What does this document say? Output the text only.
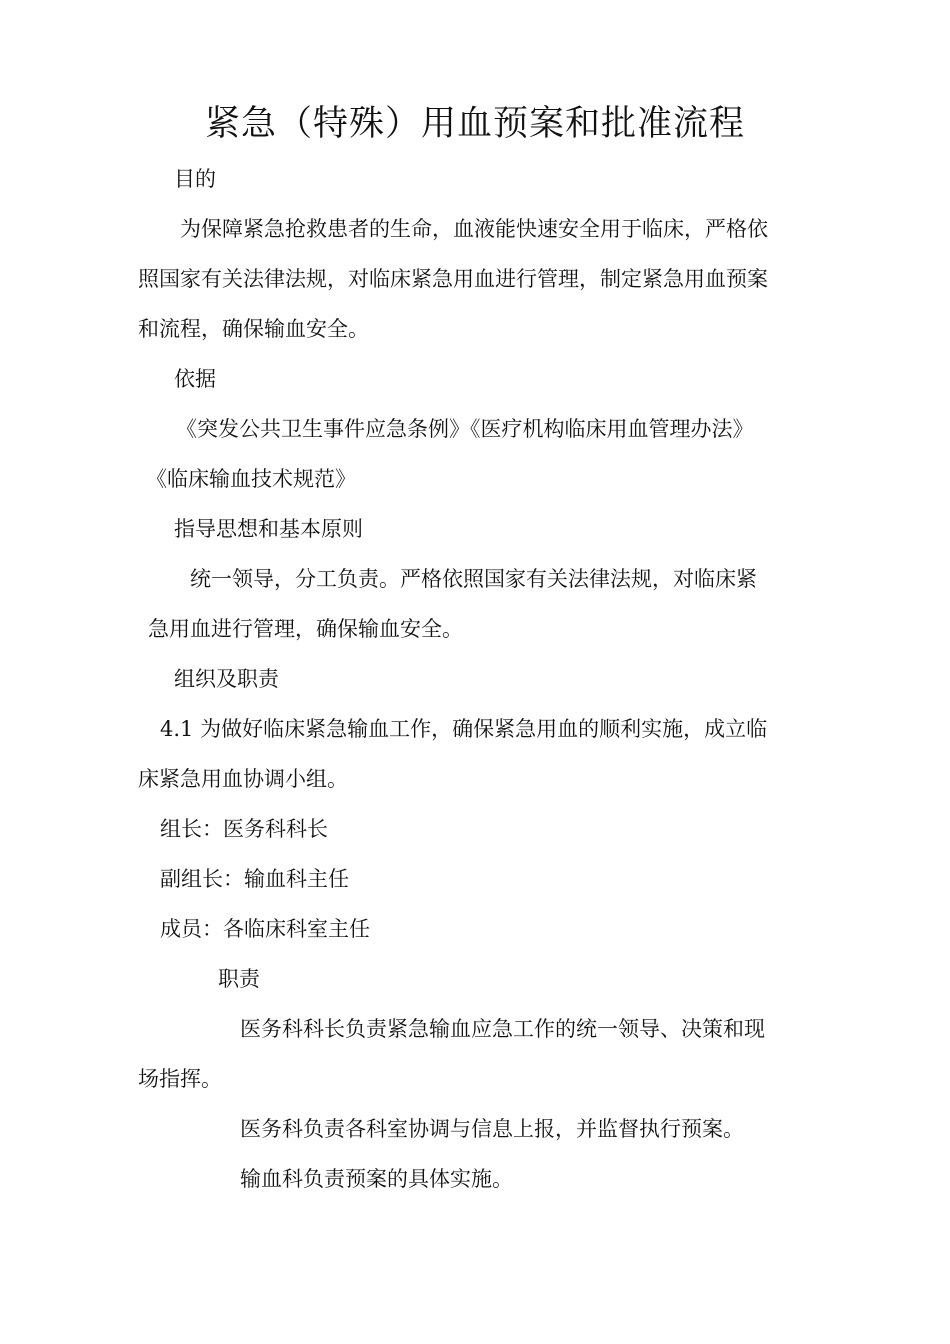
紧急（特殊）用血预案和批准流程
目的
为保障紧急抢救患者的生命，血液能快速安全用于临床，严格依
照国家有关法律法规，对临床紧急用血进行管理，制定紧急用血预案
和流程，确保输血安全。
依据
《突发公共卫生事件应急条例》《医疗机构临床用血管理办法》
《临床输血技术规范》
指导思想和基本原则
统一领导，分工负责。严格依照国家有关法律法规，对临床紧
急用血进行管理，确保输血安全。
组织及职责
4.1 为做好临床紧急输血工作，确保紧急用血的顺利实施，成立临
床紧急用血协调小组。
组长：医务科科长
副组长：输血科主任
成员：各临床科室主任
职责
医务科科长负责紧急输血应急工作的统一领导、决策和现
场指挥。
医务科负责各科室协调与信息上报，并监督执行预案。
输血科负责预案的具体实施。
